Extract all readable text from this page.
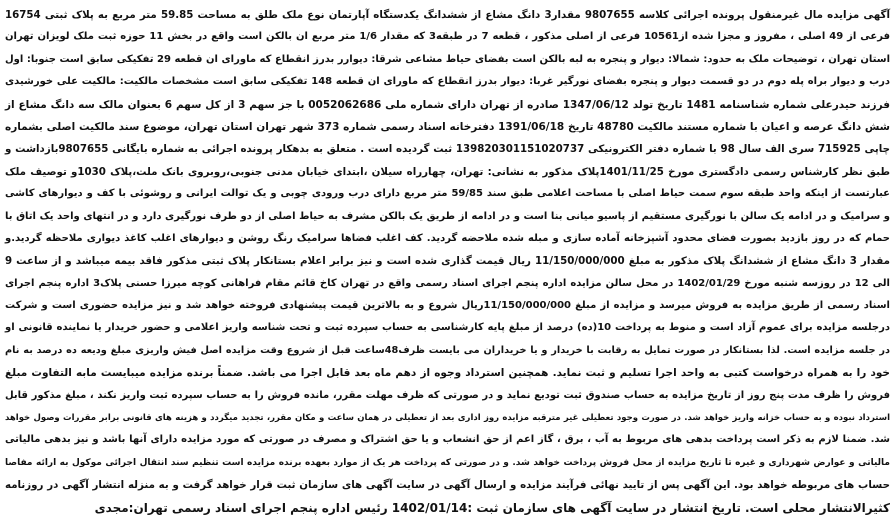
آگهی مزایده مال غیرمنقول پرونده اجرائی کلاسه 9807655 مقدار3 دانگ مشاع از ششدانگ یکدستگاه آپارتمان نوع ملک طلق به مساحت 59.85 متر مربع به پلاک ثبتی 16754
فرعی از 49 اصلی ، مفروز و مجزا شده از10561 فرعی از اصلی مذکور ، قطعه 7 در طبقه3 که مقدار 1/6 متر مربع ان بالکن است واقع در بخش 11 حوزه ثبت ملک لویزان تهران
استان تهران ، توضیحات ملک به حدود: شمالا: دیوار و پنجره به لبه بالکن است بفضای حیاط مشاعی شرقا: دیوارر بدرز انقطاع که ماورای ان قطعه 29 تفکیکی سابق است جنوبا: اول
درب و دیوار براه پله دوم در دو قسمت دیوار و پنجره بفضای نورگیر غربا: دیوار بدرز انقطاع که ماورای ان قطعه 148 تفکیکی سابق است مشخصات مالکیت: مالکیت علی خورشیدی
فرزند حیدرعلی شماره شناسنامه 1481 تاریخ تولد 1347/06/12 صادره از تهران دارای شماره ملی 0052062686 با جز سهم 3 از کل سهم 6 بعنوان مالک سه دانگ مشاع از
شش دانگ عرصه و اعیان با شماره مستند مالکیت 48780 تاریخ 1391/06/18 دفترخانه اسناد رسمی شماره 373 شهر تهران استان تهران، موضوع سند مالکیت اصلی بشماره
چاپی 715925 سری الف سال 98 با شماره دفتر الکترونیکی 139820301151020737 ثبت گردیده است . متعلق به بدهکار پرونده اجرائی به شماره بایگانی 9807655بازداشت و
طبق نظر کارشناس رسمی دادگستری مورخ 1401/11/25پلاک مذکور به نشانی: تهران، چهارراه سیلان ،ابتدای خیابان مدنی جنوبی،روبروی بانک ملت،پلاک 1030و توصیف ملک
عبارتست از اینکه واحد طبقه سوم سمت حیاط اصلی با مساحت اعلامی طبق سند 59/85 متر مربع دارای درب ورودی چوبی و یک توالت ایرانی و روشوئی با کف و دیوارهای کاشی
و سرامیک و در ادامه یک سالن با نورگیری مستقیم از پاسیو میانی بنا است و در ادامه از طریق یک بالکن مشرف به حیاط اصلی از دو طرف نورگیری دارد و در انتهای واحد یک اتاق با
حمام که در روز بازدید بصورت فضای محدود آشپزخانه آماده سازی و مبله شده ملاحضه گردید. کف اغلب فضاها سرامیک رنگ روشن و دیوارهای اغلب کاغذ دیواری ملاحظه گردید.و
مقدار 3 دانگ مشاع از ششدانگ پلاک مذکور به مبلغ 11/150/000/000 ریال قیمت گذاری شده است و نیز برابر اعلام بستانکار پلاک ثبتی مذکور فاقد بیمه میباشد و از ساعت 9
الی 12 در روزسه شنبه مورخ 1402/01/29 در محل سالن مزایده اداره پنجم اجرای اسناد رسمی واقع در تهران کاخ قائم مقام فراهانی کوچه میرزا حسنی پلاک3 اداره پنجم اجرای
اسناد رسمی از طریق مزایده به فروش میرسد و مزایده از مبلغ 11/150/000/000ریال شروع و به بالاترین قیمت پیشنهادی فروخته خواهد شد و نیز مزایده حضوری است و شرکت
درجلسه مزایده برای عموم آزاد است و منوط به پرداخت 10(ده) درصد از مبلغ پایه کارشناسی به حساب سپرده ثبت و تحت شناسه واریز اعلامی و حضور خریدار یا نماینده قانونی او
در جلسه مزایده است. لذا بستانکار در صورت تمایل به رقابت با خریدار و یا خریداران می بایست ظرف48ساعت قبل از شروع وقت مزایده اصل فیش واریزی مبلغ ودیعه ده درصد به نام
خود را به همراه درخواست کتبی به واحد اجرا تسلیم و ثبت نماید. همچنین استرداد وجوه از دهم ماه بعد قابل اجرا می باشد. ضمناً برنده مزایده میبایست مابه التفاوت مبلغ
فروش را ظرف مدت پنج روز از تاریخ مزایده به حساب صندوق ثبت تودیع نماید و در صورتی که ظرف مهلت مقرر، مانده فروش را به حساب سپرده ثبت واریز نکند ، مبلغ مذکور قابل
استرداد نبوده و به حساب خزانه واریز خواهد شد. در صورت وجود تعطیلی غیر مترقبه مزایده روز اداری بعد از تعطیلی در همان ساعت و مکان مقرر، تجدید میگردد و هزینه های قانونی برابر مقررات وصول خواهد
شد. ضمنا لازم به ذکر است پرداخت بدهی های مربوط به آب ، برق ، گاز اعم از حق انشعاب و یا حق اشتراک و مصرف در صورتی که مورد مزایده دارای آنها باشد و نیز بدهی مالیاتی
مالیاتی و عوارض شهرداری و غیره تا تاریخ مزایده از محل فروش پرداخت خواهد شد. و در صورتی که پرداخت هر یک از موارد بعهده برنده مزایده است تنظیم سند انتقال اجرائی موکول به ارائه مفاصا
حساب های مربوطه خواهد بود. این آگهی پس از تایید نهائی فرآیند مزایده و ارسال آگهی در سایت آگهی های سازمان ثبت قرار خواهد گرفت و به منزله انتشار آگهی در روزنامه
کثیرالانتشار محلی است. تاریخ انتشار در سایت آگهی های سازمان ثبت :1402/01/14 رئیس اداره پنجم اجرای اسناد رسمی تهران:مجدی
